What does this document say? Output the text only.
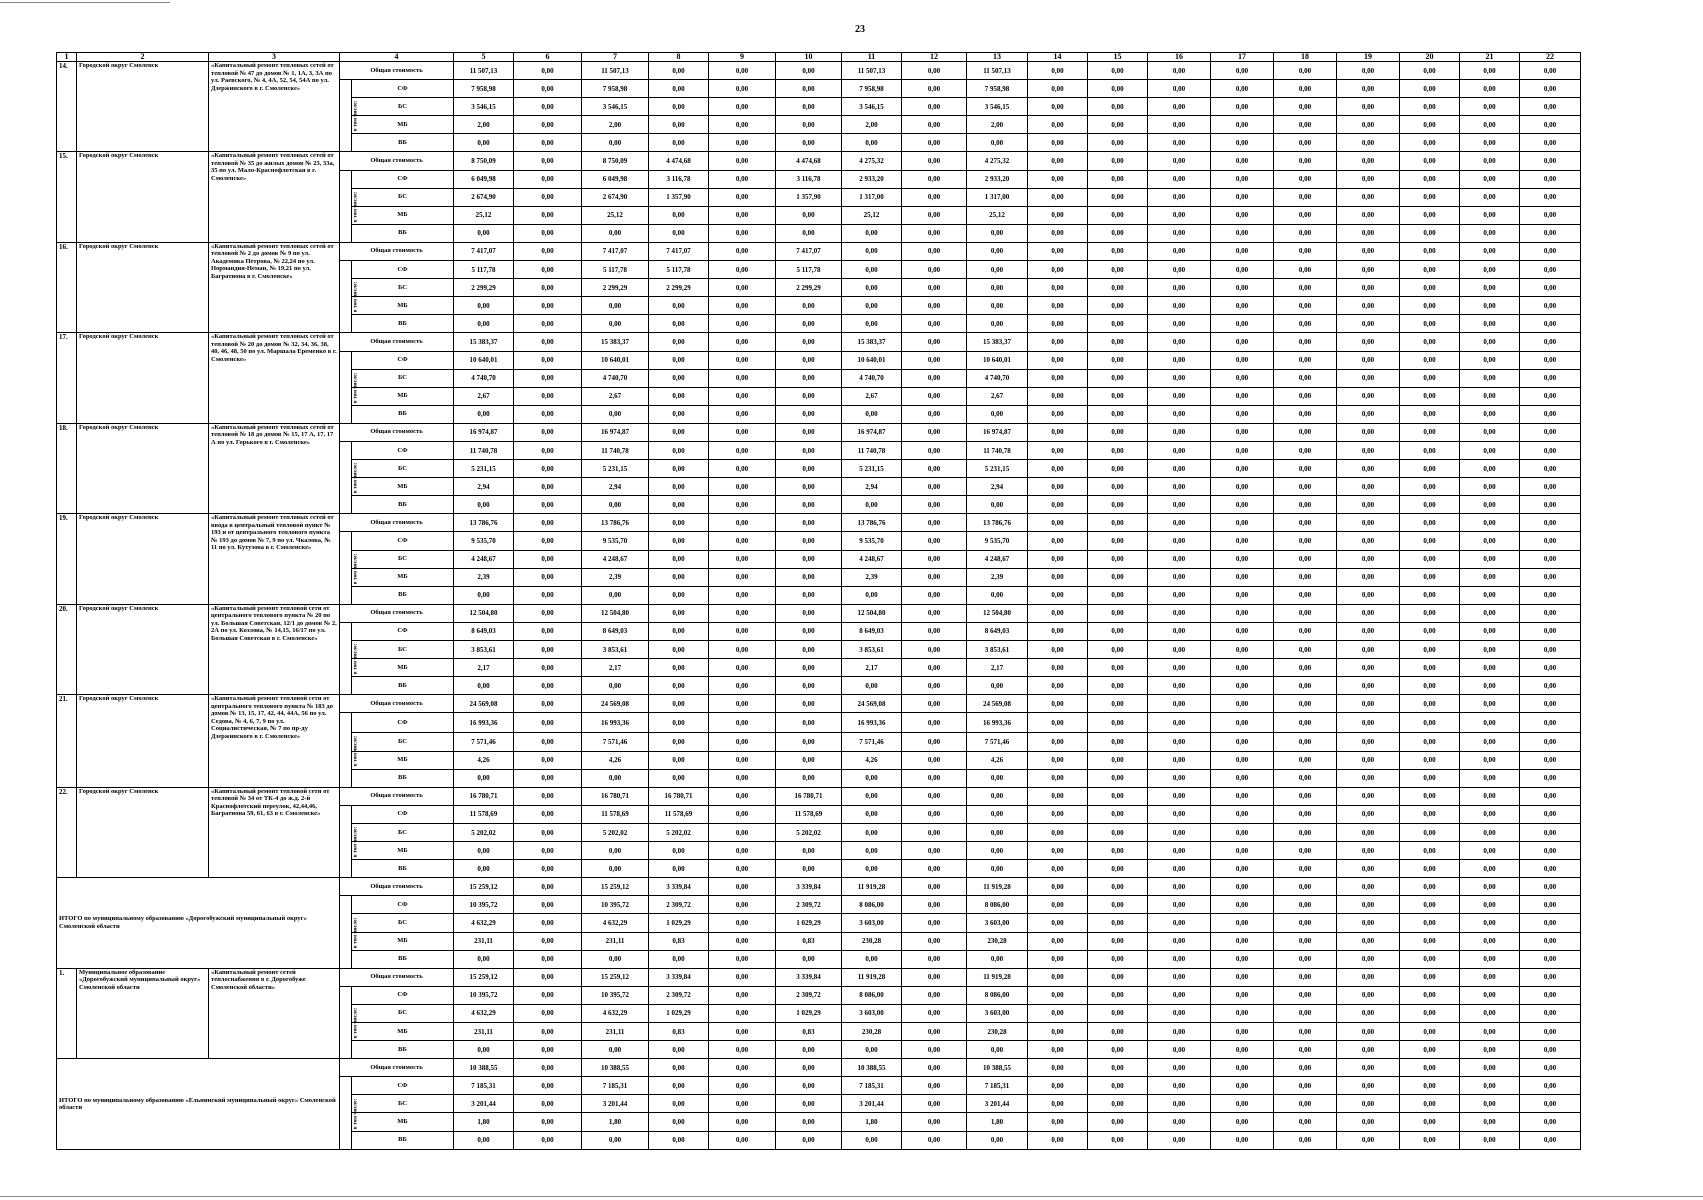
23
1	2	3	4		5	6	7	8	9	10	11	12	13	14	15	16	17	18	19	20	21	22
14.	Городской округ Смоленск	«Капитальный ремонт тепловых сетей от тепловой № 47 до домов № 1, 1А, 3, 3А по ул. Раевского, № 4, 4А, 52, 54, 54А по ул. Дзержинского в г. Смоленске»	Общая стоимость		11 507,13	0,00	11 507,13	0,00	0,00	0,00	11 507,13	0,00	11 507,13	0,00	0,00	0,00	0,00	0,00	0,00	0,00	0,00	0,00
			в том числе:	СФ	7 958,98	0,00	7 958,98	0,00	0,00	0,00	7 958,98	0,00	7 958,98	0,00	0,00	0,00	0,00	0,00	0,00	0,00	0,00	0,00
				БС	3 546,15	0,00	3 546,15	0,00	0,00	0,00	3 546,15	0,00	3 546,15	0,00	0,00	0,00	0,00	0,00	0,00	0,00	0,00	0,00
				МБ	2,00	0,00	2,00	0,00	0,00	0,00	2,00	0,00	2,00	0,00	0,00	0,00	0,00	0,00	0,00	0,00	0,00	0,00
				ВБ	0,00	0,00	0,00	0,00	0,00	0,00	0,00	0,00	0,00	0,00	0,00	0,00	0,00	0,00	0,00	0,00	0,00	0,00
15.	Городской округ Смоленск	«Капитальный ремонт тепловых сетей от тепловой № 35 до жилых домов № 23, 33а, 35 по ул. Мало-Краснофлотская в г. Смоленске»	Общая стоимость		8 750,09	0,00	8 750,09	4 474,68	0,00	4 474,68	4 275,32	0,00	4 275,32	0,00	0,00	0,00	0,00	0,00	0,00	0,00	0,00	0,00
			в том числе:	СФ	6 049,98	0,00	6 049,98	3 116,78	0,00	3 116,78	2 933,20	0,00	2 933,20	0,00	0,00	0,00	0,00	0,00	0,00	0,00	0,00	0,00
				БС	2 674,90	0,00	2 674,90	1 357,90	0,00	1 357,90	1 317,00	0,00	1 317,00	0,00	0,00	0,00	0,00	0,00	0,00	0,00	0,00	0,00
				МБ	25,12	0,00	25,12	0,00	0,00	0,00	25,12	0,00	25,12	0,00	0,00	0,00	0,00	0,00	0,00	0,00	0,00	0,00
				ВБ	0,00	0,00	0,00	0,00	0,00	0,00	0,00	0,00	0,00	0,00	0,00	0,00	0,00	0,00	0,00	0,00	0,00	0,00
16.	Городской округ Смоленск	«Капитальный ремонт тепловых сетей от тепловой № 2 до домов № 9 по ул. Академика Петрова, № 22,24 по ул. Нормандия-Неман, № 19,21 по ул. Багратиона в г. Смоленске»	Общая стоимость		7 417,07	0,00	7 417,07	7 417,07	0,00	7 417,07	0,00	0,00	0,00	0,00	0,00	0,00	0,00	0,00	0,00	0,00	0,00	0,00
			в том числе:	СФ	5 117,78	0,00	5 117,78	5 117,78	0,00	5 117,78	0,00	0,00	0,00	0,00	0,00	0,00	0,00	0,00	0,00	0,00	0,00	0,00
				БС	2 299,29	0,00	2 299,29	2 299,29	0,00	2 299,29	0,00	0,00	0,00	0,00	0,00	0,00	0,00	0,00	0,00	0,00	0,00	0,00
				МБ	0,00	0,00	0,00	0,00	0,00	0,00	0,00	0,00	0,00	0,00	0,00	0,00	0,00	0,00	0,00	0,00	0,00	0,00
				ВБ	0,00	0,00	0,00	0,00	0,00	0,00	0,00	0,00	0,00	0,00	0,00	0,00	0,00	0,00	0,00	0,00	0,00	0,00
17.	Городской округ Смоленск	«Капитальный ремонт тепловых сетей от тепловой № 20 до домов № 32, 34, 36, 38, 40, 46, 48, 50 по ул. Маршала Еременко в г. Смоленске»	Общая стоимость		15 383,37	0,00	15 383,37	0,00	0,00	0,00	15 383,37	0,00	15 383,37	0,00	0,00	0,00	0,00	0,00	0,00	0,00	0,00	0,00
			в том числе:	СФ	10 640,01	0,00	10 640,01	0,00	0,00	0,00	10 640,01	0,00	10 640,01	0,00	0,00	0,00	0,00	0,00	0,00	0,00	0,00	0,00
				БС	4 740,70	0,00	4 740,70	0,00	0,00	0,00	4 740,70	0,00	4 740,70	0,00	0,00	0,00	0,00	0,00	0,00	0,00	0,00	0,00
				МБ	2,67	0,00	2,67	0,00	0,00	0,00	2,67	0,00	2,67	0,00	0,00	0,00	0,00	0,00	0,00	0,00	0,00	0,00
				ВБ	0,00	0,00	0,00	0,00	0,00	0,00	0,00	0,00	0,00	0,00	0,00	0,00	0,00	0,00	0,00	0,00	0,00	0,00
18.	Городской округ Смоленск	«Капитальный ремонт тепловых сетей от тепловой № 18 до домов № 15, 17 А, 17, 17 А по ул. Горького в г. Смоленске»	Общая стоимость		16 974,87	0,00	16 974,87	0,00	0,00	0,00	16 974,87	0,00	16 974,87	0,00	0,00	0,00	0,00	0,00	0,00	0,00	0,00	0,00
			в том числе:	СФ	11 740,78	0,00	11 740,78	0,00	0,00	0,00	11 740,78	0,00	11 740,78	0,00	0,00	0,00	0,00	0,00	0,00	0,00	0,00	0,00
				БС	5 231,15	0,00	5 231,15	0,00	0,00	0,00	5 231,15	0,00	5 231,15	0,00	0,00	0,00	0,00	0,00	0,00	0,00	0,00	0,00
				МБ	2,94	0,00	2,94	0,00	0,00	0,00	2,94	0,00	2,94	0,00	0,00	0,00	0,00	0,00	0,00	0,00	0,00	0,00
				ВБ	0,00	0,00	0,00	0,00	0,00	0,00	0,00	0,00	0,00	0,00	0,00	0,00	0,00	0,00	0,00	0,00	0,00	0,00
19.	Городской округ Смоленск	«Капитальный ремонт тепловых сетей от ввода в центральный тепловой пункт № 193 и от центрального теплового пункта № 193 до домов № 7, 9 по ул. Чкалова, № 11 по ул. Кутузова в г. Смоленске»	Общая стоимость		13 786,76	0,00	13 786,76	0,00	0,00	0,00	13 786,76	0,00	13 786,76	0,00	0,00	0,00	0,00	0,00	0,00	0,00	0,00	0,00
			в том числе:	СФ	9 535,70	0,00	9 535,70	0,00	0,00	0,00	9 535,70	0,00	9 535,70	0,00	0,00	0,00	0,00	0,00	0,00	0,00	0,00	0,00
				БС	4 248,67	0,00	4 248,67	0,00	0,00	0,00	4 248,67	0,00	4 248,67	0,00	0,00	0,00	0,00	0,00	0,00	0,00	0,00	0,00
				МБ	2,39	0,00	2,39	0,00	0,00	0,00	2,39	0,00	2,39	0,00	0,00	0,00	0,00	0,00	0,00	0,00	0,00	0,00
				ВБ	0,00	0,00	0,00	0,00	0,00	0,00	0,00	0,00	0,00	0,00	0,00	0,00	0,00	0,00	0,00	0,00	0,00	0,00
20.	Городской округ Смоленск	«Капитальный ремонт тепловой сети от центрального теплового пункта № 20 по ул. Большая Советская, 12/1 до домов № 2, 2А по ул. Козлова, № 14,15, 16/17 по ул. Большая Советская в г. Смоленске»	Общая стоимость		12 504,80	0,00	12 504,80	0,00	0,00	0,00	12 504,80	0,00	12 504,80	0,00	0,00	0,00	0,00	0,00	0,00	0,00	0,00	0,00
			в том числе:	СФ	8 649,03	0,00	8 649,03	0,00	0,00	0,00	8 649,03	0,00	8 649,03	0,00	0,00	0,00	0,00	0,00	0,00	0,00	0,00	0,00
				БС	3 853,61	0,00	3 853,61	0,00	0,00	0,00	3 853,61	0,00	3 853,61	0,00	0,00	0,00	0,00	0,00	0,00	0,00	0,00	0,00
				МБ	2,17	0,00	2,17	0,00	0,00	0,00	2,17	0,00	2,17	0,00	0,00	0,00	0,00	0,00	0,00	0,00	0,00	0,00
				ВБ	0,00	0,00	0,00	0,00	0,00	0,00	0,00	0,00	0,00	0,00	0,00	0,00	0,00	0,00	0,00	0,00	0,00	0,00
21.	Городской округ Смоленск	«Капитальный ремонт тепловой сети от центрального теплового пункта № 183 до домов № 13, 15, 17, 42, 44, 44А, 56 по ул. Седова, № 4, 6, 7, 9 по ул. Социалистическая, № 7 по пр-ду Дзержинского в г. Смоленске»	Общая стоимость		24 569,08	0,00	24 569,08	0,00	0,00	0,00	24 569,08	0,00	24 569,08	0,00	0,00	0,00	0,00	0,00	0,00	0,00	0,00	0,00
			в том числе:	СФ	16 993,36	0,00	16 993,36	0,00	0,00	0,00	16 993,36	0,00	16 993,36	0,00	0,00	0,00	0,00	0,00	0,00	0,00	0,00	0,00
				БС	7 571,46	0,00	7 571,46	0,00	0,00	0,00	7 571,46	0,00	7 571,46	0,00	0,00	0,00	0,00	0,00	0,00	0,00	0,00	0,00
				МБ	4,26	0,00	4,26	0,00	0,00	0,00	4,26	0,00	4,26	0,00	0,00	0,00	0,00	0,00	0,00	0,00	0,00	0,00
				ВБ	0,00	0,00	0,00	0,00	0,00	0,00	0,00	0,00	0,00	0,00	0,00	0,00	0,00	0,00	0,00	0,00	0,00	0,00
22.	Городской округ Смоленск	«Капитальный ремонт тепловой сети от тепловой № 34 от ТК-4 до ж.д. 2-й Краснофлотский переулок, 42,44,46, Багратиона 59, 61, 63 в г. Смоленске»	Общая стоимость		16 780,71	0,00	16 780,71	16 780,71	0,00	16 780,71	0,00	0,00	0,00	0,00	0,00	0,00	0,00	0,00	0,00	0,00	0,00	0,00
			в том числе:	СФ	11 578,69	0,00	11 578,69	11 578,69	0,00	11 578,69	0,00	0,00	0,00	0,00	0,00	0,00	0,00	0,00	0,00	0,00	0,00	0,00
				БС	5 202,02	0,00	5 202,02	5 202,02	0,00	5 202,02	0,00	0,00	0,00	0,00	0,00	0,00	0,00	0,00	0,00	0,00	0,00	0,00
				МБ	0,00	0,00	0,00	0,00	0,00	0,00	0,00	0,00	0,00	0,00	0,00	0,00	0,00	0,00	0,00	0,00	0,00	0,00
				ВБ	0,00	0,00	0,00	0,00	0,00	0,00	0,00	0,00	0,00	0,00	0,00	0,00	0,00	0,00	0,00	0,00	0,00	0,00
ИТОГО по муниципальному образованию «Дорогобужский муниципальный округ» Смоленской области			Общая стоимость		15 259,12	0,00	15 259,12	3 339,84	0,00	3 339,84	11 919,28	0,00	11 919,28	0,00	0,00	0,00	0,00	0,00	0,00	0,00	0,00	0,00
			в том числе:	СФ	10 395,72	0,00	10 395,72	2 309,72	0,00	2 309,72	8 086,00	0,00	8 086,00	0,00	0,00	0,00	0,00	0,00	0,00	0,00	0,00	0,00
				БС	4 632,29	0,00	4 632,29	1 029,29	0,00	1 029,29	3 603,00	0,00	3 603,00	0,00	0,00	0,00	0,00	0,00	0,00	0,00	0,00	0,00
				МБ	231,11	0,00	231,11	0,83	0,00	0,83	230,28	0,00	230,28	0,00	0,00	0,00	0,00	0,00	0,00	0,00	0,00	0,00
				ВБ	0,00	0,00	0,00	0,00	0,00	0,00	0,00	0,00	0,00	0,00	0,00	0,00	0,00	0,00	0,00	0,00	0,00	0,00
1.	Муниципальное образование «Дорогобужский муниципальный округ» Смоленской области	«Капитальный ремонт сетей теплоснабжения в г. Дорогобуже Смоленской области»	Общая стоимость		15 259,12	0,00	15 259,12	3 339,84	0,00	3 339,84	11 919,28	0,00	11 919,28	0,00	0,00	0,00	0,00	0,00	0,00	0,00	0,00	0,00
			в том числе:	СФ	10 395,72	0,00	10 395,72	2 309,72	0,00	2 309,72	8 086,00	0,00	8 086,00	0,00	0,00	0,00	0,00	0,00	0,00	0,00	0,00	0,00
				БС	4 632,29	0,00	4 632,29	1 029,29	0,00	1 029,29	3 603,00	0,00	3 603,00	0,00	0,00	0,00	0,00	0,00	0,00	0,00	0,00	0,00
				МБ	231,11	0,00	231,11	0,83	0,00	0,83	230,28	0,00	230,28	0,00	0,00	0,00	0,00	0,00	0,00	0,00	0,00	0,00
				ВБ	0,00	0,00	0,00	0,00	0,00	0,00	0,00	0,00	0,00	0,00	0,00	0,00	0,00	0,00	0,00	0,00	0,00	0,00
ИТОГО по муниципальному образованию «Ельнинский муниципальный округ» Смоленской области			Общая стоимость		10 388,55	0,00	10 388,55	0,00	0,00	0,00	10 388,55	0,00	10 388,55	0,00	0,00	0,00	0,00	0,00	0,00	0,00	0,00	0,00
			в том числе:	СФ	7 185,31	0,00	7 185,31	0,00	0,00	0,00	7 185,31	0,00	7 185,31	0,00	0,00	0,00	0,00	0,00	0,00	0,00	0,00	0,00
				БС	3 201,44	0,00	3 201,44	0,00	0,00	0,00	3 201,44	0,00	3 201,44	0,00	0,00	0,00	0,00	0,00	0,00	0,00	0,00	0,00
				МБ	1,80	0,00	1,80	0,00	0,00	0,00	1,80	0,00	1,80	0,00	0,00	0,00	0,00	0,00	0,00	0,00	0,00	0,00
				ВБ	0,00	0,00	0,00	0,00	0,00	0,00	0,00	0,00	0,00	0,00	0,00	0,00	0,00	0,00	0,00	0,00	0,00	0,00
